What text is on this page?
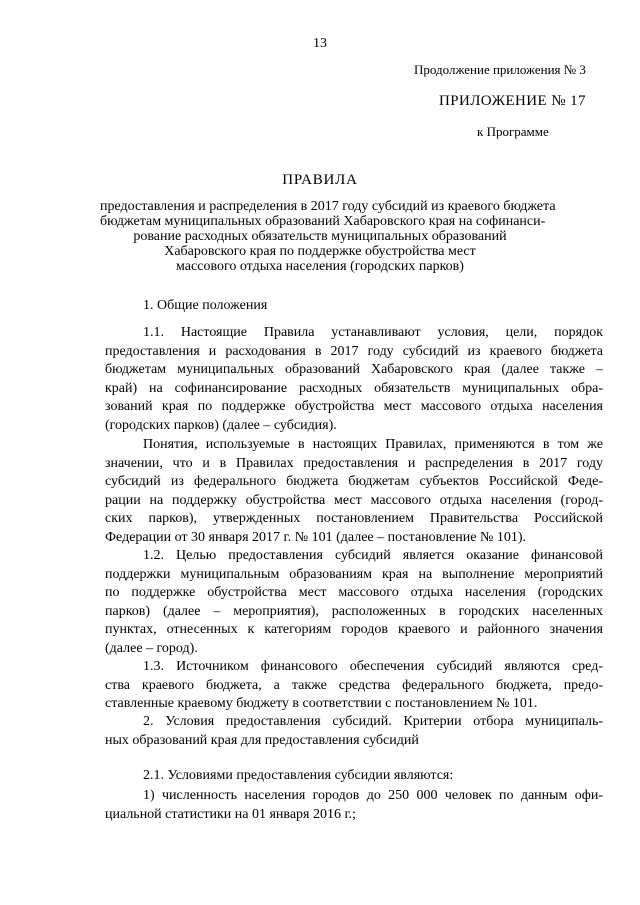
13
Продолжение приложения № 3
ПРИЛОЖЕНИЕ № 17
к Программе
ПРАВИЛА
предоставления и распределения в 2017 году субсидий из краевого бюджета
бюджетам муниципальных образований Хабаровского края на софинанси-
рование расходных обязательств муниципальных образований
Хабаровского края по поддержке обустройства мест
массового отдыха населения (городских парков)
1. Общие положения
1.1. Настоящие Правила устанавливают условия, цели, порядок
предоставления и расходования в 2017 году субсидий из краевого бюджета
бюджетам муниципальных образований Хабаровского края (далее также –
край) на софинансирование расходных обязательств муниципальных обра-
зований края по поддержке обустройства мест массового отдыха населения
(городских парков) (далее – субсидия).
Понятия, используемые в настоящих Правилах, применяются в том же
значении, что и в Правилах предоставления и распределения в 2017 году
субсидий из федерального бюджета бюджетам субъектов Российской Феде-
рации на поддержку обустройства мест массового отдыха населения (город-
ских парков), утвержденных постановлением Правительства Российской
Федерации от 30 января 2017 г. № 101 (далее – постановление № 101).
1.2. Целью предоставления субсидий является оказание финансовой
поддержки муниципальным образованиям края на выполнение мероприятий
по поддержке обустройства мест массового отдыха населения (городских
парков) (далее – мероприятия), расположенных в городских населенных
пунктах, отнесенных к категориям городов краевого и районного значения
(далее – город).
1.3. Источником финансового обеспечения субсидий являются сред-
ства краевого бюджета, а также средства федерального бюджета, предо-
ставленные краевому бюджету в соответствии с постановлением № 101.
2. Условия предоставления субсидий. Критерии отбора муниципаль-
ных образований края для предоставления субсидий
2.1. Условиями предоставления субсидии являются:
1) численность населения городов до 250 000 человек по данным офи-
циальной статистики на 01 января 2016 г.;
